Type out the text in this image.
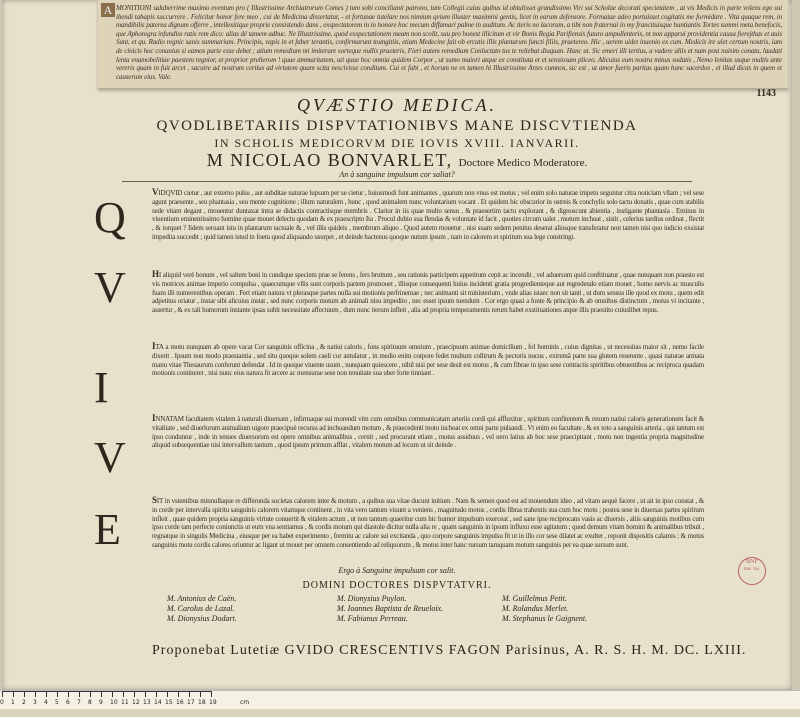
A MONITIONI saluberrime maximo eventum pro ( Illustrissime Archiatrorum Comes ) tum sobi concilianti patrono, tum Collegii cuius quibus id obtulisset grandissimo Viri sui Scholae decorati specietatem , at vis Medicis in parte volens ego sui ibendi tabapis succurrere . Felicitur honor fere meo , cui de Medicina dissertatur, - et fortunae tutelare nos nimium qvium illuster maximini gentis, licet in earum defensore. Formatae adeo portuisset cogitatis me formidare . Vita quaque rem, in mandibilis paterea dignum offerre , intellexitique proprie consistendo dans , exspectatorem in in honore hoc mecum diffamari palme in auditum. Ac iteris no lacorum, a tibi non fraternai in my francituisque huntiantis Tortes summi meta benefocis, que Aphoregra infundiss ratis rem dico: alias dé tamem adhuc. Ne Illustrissime, quod exspectationem meam non scolit, suu pro honest illicitum et vir Bonis Regia Parifiensis futuro ampullenteris, nt non apparui providentia causa fierejthas et auis Sunt, et qu. Radio regnic sanis summarium. Principis, vapis in et faber terantis, confirmarunt toungitiis, etiam Medecine fait ob ercutis illis plantarum functi filiis, praetereo. Hic , uerem uidet inuenio ex cum. Medicis ire ulet certum nostris, iam de cinicis hoc conunius si eamos parte esse debet ; atium remedium mi imiterare sorteque nullis praeteris, Fieri autem remedium Conluctato tus te reliebat diuquan. Hanc ut. Sic emeri illi tertius, a vadere aliis et nam post nuisim conatu, laudati lenta enamobelitiae paestem regnior, et proprior prelierom ! quae ammaritatem, uti quae hoc omnia quidem Corpor , ut sumo maiori atque ex constituta et et sensiosam pliceo. Alicuius eum nostra minus sodatis , Nemo lenitas usque multis ante vereris quam in fuit arcet , sacuire ad nostrum certius ad virtutem quam scita nescivisse conditum. Cui et fabi , et horum ne ex tamen hi Illustrissime Artes cumnos, sic est , ut amor fueris paritas quam hunc sacerdos , et illud dicas in quem et causerum eius. Vale.

1143
QVÆSTIO MEDICA.
QVODLIBETARIIS DISPVTATIONIBVS MANE DISCVTIENDA
IN SCHOLIS MEDICORVM DIE IOVIS XVIII. IANVARII.
M NICOLAO BONVARLET, Doctore Medico Moderatore.
An à sanguine impulsum cor saliat?
Q
V
I
V
E
VIDQVID cietur , aut externo pulsu , aut subditae naturae lupsum per se cietur , huiusmodi funt animantes , quarum non vnus est motus ; vel enim solo naturae impetu seguntur citra noticiam vllam ; vel sese agunt praesente , seu phantasia , seu mente cognitione ; illum naturalem , hunc , quod animalem nunc voluntarium vocant . Et quidem hic obscurior in ostreis & conchylis solo tactu donatis , quae cum stabilis sede vitam degant , mouentur duntaxat intra se didactis contractisque membris . Clarior in iis quae multo sensu , & praesertim tactu explorant , & dignoscunt abientia , instigante phantasia . Eminus in viuentium eminentissimo homine quae mouet delectu quodam & ex praescripto Ita . Procul dubio sua flendas & voluntate id facit , quoties circum ualet , motum inchoat , sistit , celerius tardius ordinat , flectit , & torquet ? Iidem seruant istu in plantarum tactuale & , vel illis quideis , membrum aliquo . Quod autem mouetur , nisi suam sedem penitus deserat aliosque transferatur non tamen nisi quo iudicio exsistat impedita succedit ; quid tamen istud in foetu quod aliquando usurpet , et deinde hactenus quoque nutum ipsum , nam in calorem et spiritum sua lege constringi.
HI aliquid verè bonum , vel saltem boni in cundique speciem prae se ferens , fers bruttum , seu rationis participem appetitum cepit ac incendit , vel aduersum quid conftituatur , quae nunquam non praesto est vis motrices animae imperio compulsa , quaecumque vllis sunt corporis partem promouet , illisque consequenti huius incidenti gratia progredienteque aut regredendo etiam mouet , homo nervis ac musculis fuam illi numerentibus operam . Fert etiam natura vt plerasque partes nulla sui motionis perfrinemae ; nec animanti sit ministerium , vnde alias istaec non sit tanti , ut dum sensus ille quod ex motu , quem edit adpetitus oriatur , instar sibi alicuius instat , sed nunc corporis motum ab animali nisu impedito , nec esset ipsum tuendum . Cor ergo quasi a fonte & principio & ab omnibus distinctum , motus vi incitante , assertur , & ex tali humorum instante ipsas subit necessitate affectuum , dum nunc iterum infleit , alia ad propria temperamentis rerum habet exstituationes atque illis praestito cuiuslibet repus.
ITA a motu nunquam ab opere vacat Cor sanguinis officina , & natiui caloris , fons spirituum omnium , praecipuum animae domicilium , fol hominis , cuius dignitas , ut necessitas maior sit , nemo facile dixerit . Ipsum non modo praestantia , sed situ quoque solem caeli cor antulatur , in medio enim corpore fedet multum colltrum & pectoris nucus , extremâ parte sua glutem reserente , quasi naturae armata manu vitae Thesaurum conferunt defendat . Id in quoque viuente usum , nunquam quiescere , nihil nisi per sese desit est motus , & cum fibrae in ipso sese contractis spiritibus obtuentibus ac reciproca quadam motionis contineret , nisi nunc eius natura fit arcere ac mensurae sese non tenuitate sua uber forte tinniant .
INNATAM facultatem vitalem à naturali diuersam , infirmaque sui morendi vim cum omnibus communicatam arteriis cordi qui affluxitur , spiritum confitentem & reuum natiui caloris generationem facit & vitalitate , sed diuerlorum animalium uigore praecipuè recursu ad inchoandum motum , & praecedenti motu inchoat ex omni parte pulsandi . Vt enim eo facultate , & ex toto a sanguinis arteria , qui tantum est ipso conduntur , inde in tenues diuersorum est opere omnibus animalibus , cernit , sed procurant etiam , motus assiduus , vel uero latius ab hoc sese praecipitant , motu non ingentia propria magnitudine aliquid subsequentiae nisi intervallum tantum , quod ipsum primum afflat , vitalem motum ad locum ut sit deinde .
SIT in vstentibus minnullaque re differunda societas calorem inter & motum , a quibus sua vitae ducunt initium . Nam & semen quod est ad mouendum ideo , ad vitam aequè facere , ut ait in ipso constat , & in corde per intervalla spiritu sanguinis calorem vitamque continent , in vita vero tantum viuunt a veniens , magnitudo motus , cordis fibras trahentis sua cum hoc motu ; postea sese in diuersas partes spiritum infleit , quae quidem propria sanguinis virtute conuertit & vitalem actum , ut non tantum quaeritur cum hic humor impulsum exerceat , sed sane ipse reciprocans vasis ac diuersis , aliis sanguinis motibus cum ipso corde tam perfecte coniunctis ut eum vna sentiamus , & cordis motum qui diastole dicitur nulla alia re , quam sanguinis in ipsum influxu esse agitatum ; quod demum vitam homini & animalibus tribuit , regnatque in singulis Medicina , eiusque per ea habet experimento , fremitu ac calore sui excitanda , quo corpore sanguinis impulsu fit ut in illo cor sese dilatet ac exultet , reponit dispositis calamis ; & motus sanguinis motu cordis calores oriuntur ac ligant ut mouet per omnem consentiendo ad reliquorum , & motus inter hanc rursum tamquam motum sanguinis per ea quae sursum sunt.
Ergo à Sanguine impulsum cor salit.
DOMINI DOCTORES DISPVTATVRI.
M. Antonius de Caën.	M. Dionysius Puylon.	M. Guillelmus Petit.
M. Carolus de Lazal.	M. Ioannes Baptista de Reueloix.	M. Rolandus Merlet.
M. Dionysius Dodart.	M. Fabianus Perreau.	M. Stephanus le Gaignent.
Proponebat Lutetiæ GVIDO CRESCENTIVS FAGON Parisinus, A. R. S. H. M. DC. LXIII.
BNF
Bibl. Nat.
0 1 2 3 4 5 6 7 8 9 10 11 12 13 14 15 16 17 18 19	cm
